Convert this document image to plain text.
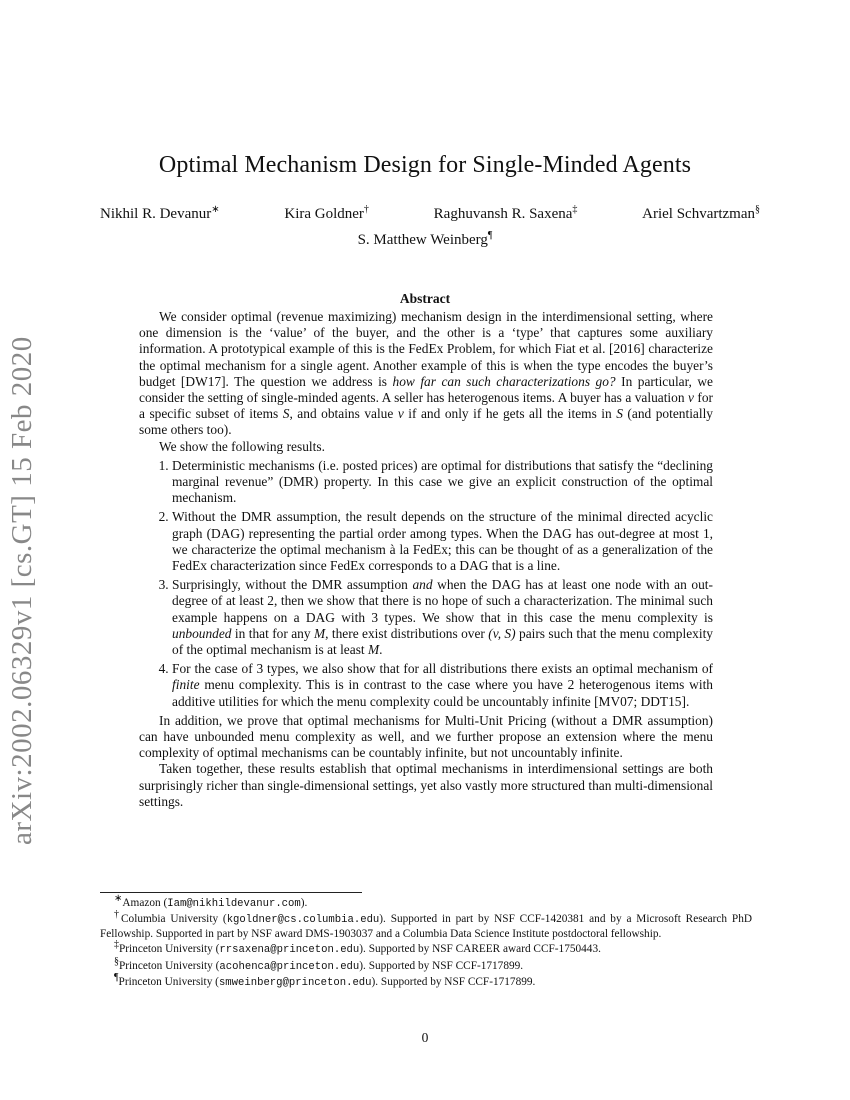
arXiv:2002.06329v1 [cs.GT] 15 Feb 2020
Optimal Mechanism Design for Single-Minded Agents
Nikhil R. Devanur∗	Kira Goldner†	Raghuvansh R. Saxena‡	Ariel Schvartzman§
S. Matthew Weinberg¶
Abstract

We consider optimal (revenue maximizing) mechanism design in the interdimensional setting, where one dimension is the ‘value’ of the buyer, and the other is a ‘type’ that captures some auxiliary information. A prototypical example of this is the FedEx Problem, for which Fiat et al. [2016] characterize the optimal mechanism for a single agent. Another example of this is when the type encodes the buyer’s budget [DW17]. The question we address is how far can such characterizations go? In particular, we consider the setting of single-minded agents. A seller has heterogenous items. A buyer has a valuation v for a specific subset of items S, and obtains value v if and only if he gets all the items in S (and potentially some others too).

We show the following results.

1. Deterministic mechanisms (i.e. posted prices) are optimal for distributions that satisfy the “declining marginal revenue” (DMR) property. In this case we give an explicit construction of the optimal mechanism.
2. Without the DMR assumption, the result depends on the structure of the minimal directed acyclic graph (DAG) representing the partial order among types. When the DAG has out-degree at most 1, we characterize the optimal mechanism à la FedEx; this can be thought of as a generalization of the FedEx characterization since FedEx corresponds to a DAG that is a line.
3. Surprisingly, without the DMR assumption and when the DAG has at least one node with an out-degree of at least 2, then we show that there is no hope of such a characterization. The minimal such example happens on a DAG with 3 types. We show that in this case the menu complexity is unbounded in that for any M, there exist distributions over (v, S) pairs such that the menu complexity of the optimal mechanism is at least M.
4. For the case of 3 types, we also show that for all distributions there exists an optimal mechanism of finite menu complexity. This is in contrast to the case where you have 2 heterogenous items with additive utilities for which the menu complexity could be uncountably infinite [MV07; DDT15].

In addition, we prove that optimal mechanisms for Multi-Unit Pricing (without a DMR assumption) can have unbounded menu complexity as well, and we further propose an extension where the menu complexity of optimal mechanisms can be countably infinite, but not uncountably infinite.

Taken together, these results establish that optimal mechanisms in interdimensional settings are both surprisingly richer than single-dimensional settings, yet also vastly more structured than multi-dimensional settings.

∗Amazon (Iam@nikhildevanur.com).

†Columbia University (kgoldner@cs.columbia.edu). Supported in part by NSF CCF-1420381 and by a Microsoft Research PhD Fellowship. Supported in part by NSF award DMS-1903037 and a Columbia Data Science Institute postdoctoral fellowship.

‡Princeton University (rrsaxena@princeton.edu). Supported by NSF CAREER award CCF-1750443.

§Princeton University (acohenca@princeton.edu). Supported by NSF CCF-1717899.

¶Princeton University (smweinberg@princeton.edu). Supported by NSF CCF-1717899.

0
